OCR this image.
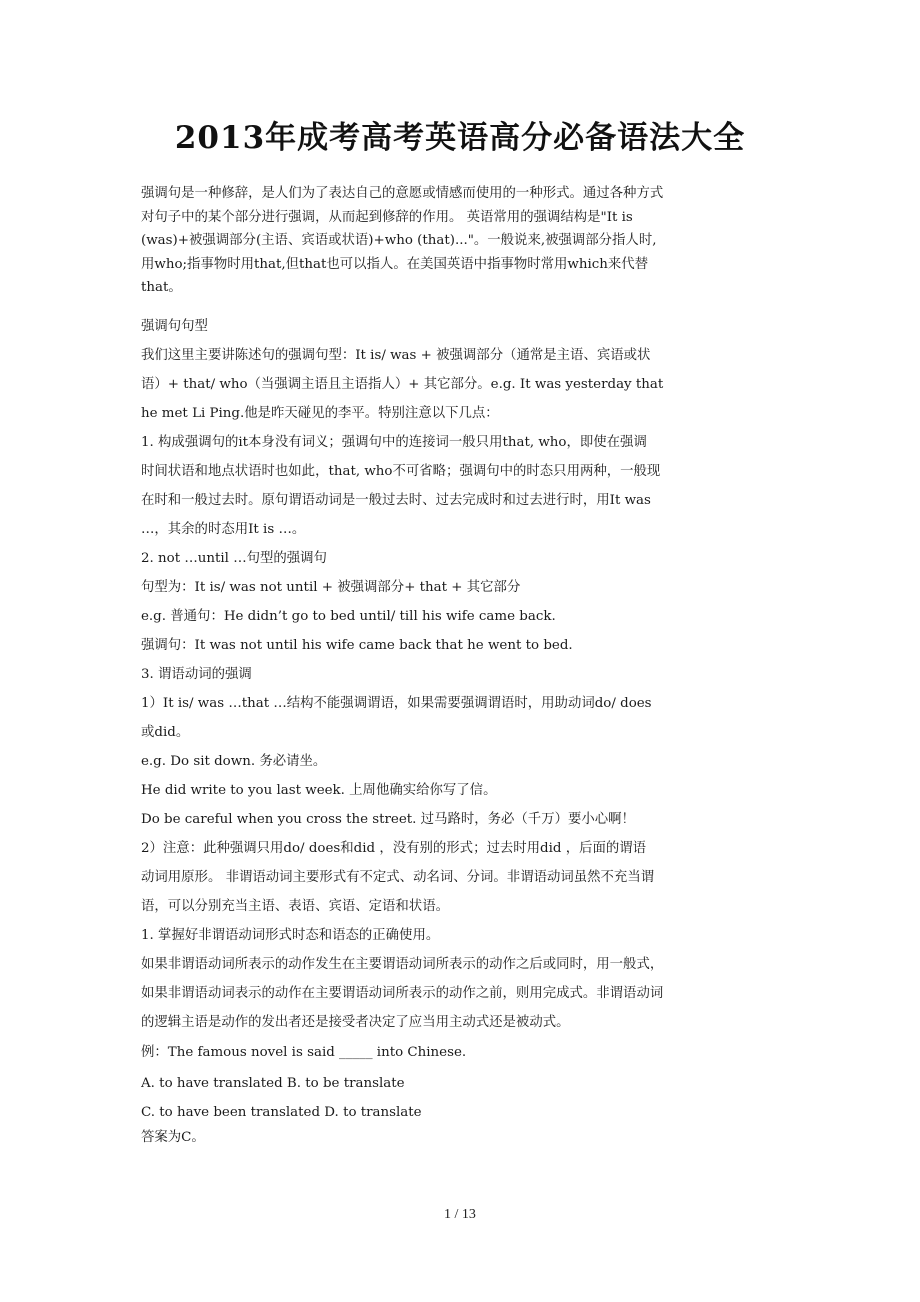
2013年成考高考英语高分必备语法大全
强调句是一种修辞，是人们为了表达自己的意愿或情感而使用的一种形式。通过各种方式
对句子中的某个部分进行强调，从而起到修辞的作用。 英语常用的强调结构是"It is
(was)+被强调部分(主语、宾语或状语)+who (that)..."。一般说来,被强调部分指人时,
用who;指事物时用that,但that也可以指人。在美国英语中指事物时常用which来代替
that。
强调句句型
我们这里主要讲陈述句的强调句型：It is/ was + 被强调部分（通常是主语、宾语或状
语）+ that/ who（当强调主语且主语指人）+ 其它部分。e.g. It was yesterday that
he met Li Ping.他是昨天碰见的李平。特别注意以下几点：
1. 构成强调句的it本身没有词义；强调句中的连接词一般只用that, who，即使在强调
时间状语和地点状语时也如此，that, who不可省略；强调句中的时态只用两种，一般现
在时和一般过去时。原句谓语动词是一般过去时、过去完成时和过去进行时，用It was
…，其余的时态用It is …。
2. not …until …句型的强调句
句型为：It is/ was not until + 被强调部分+ that + 其它部分
e.g. 普通句：He didn’t go to bed until/ till his wife came back.
强调句：It was not until his wife came back that he went to bed.
3. 谓语动词的强调
1）It is/ was …that …结构不能强调谓语，如果需要强调谓语时，用助动词do/ does
或did。
e.g. Do sit down. 务必请坐。
He did write to you last week. 上周他确实给你写了信。
Do be careful when you cross the street. 过马路时，务必（千万）要小心啊！
2）注意：此种强调只用do/ does和did ，没有别的形式；过去时用did ，后面的谓语
动词用原形。 非谓语动词主要形式有不定式、动名词、分词。非谓语动词虽然不充当谓
语，可以分别充当主语、表语、宾语、定语和状语。
1. 掌握好非谓语动词形式时态和语态的正确使用。
如果非谓语动词所表示的动作发生在主要谓语动词所表示的动作之后或同时，用一般式，
如果非谓语动词表示的动作在主要谓语动词所表示的动作之前，则用完成式。非谓语动词
的逻辑主语是动作的发出者还是接受者决定了应当用主动式还是被动式。
例：The famous novel is said _____ into Chinese.
A. to have translated B. to be translate
C. to have been translated D. to translate
答案为C。
1 / 13
